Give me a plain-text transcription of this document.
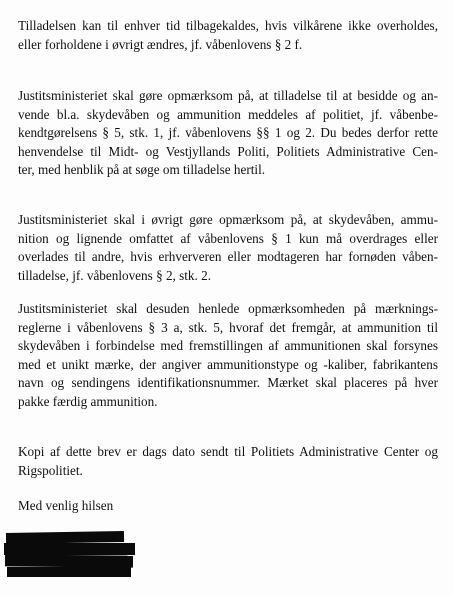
Tilladelsen kan til enhver tid tilbagekaldes, hvis vilkårene ikke overholdes,
eller forholdene i øvrigt ændres, jf. våbenlovens § 2 f.

Justitsministeriet skal gøre opmærksom på, at tilladelse til at besidde og an-
vende bl.a. skydevåben og ammunition meddeles af politiet, jf. våbenbe-
kendtgørelsens § 5, stk. 1, jf. våbenlovens §§ 1 og 2. Du bedes derfor rette
henvendelse til Midt- og Vestjyllands Politi, Politiets Administrative Cen-
ter, med henblik på at søge om tilladelse hertil.

Justitsministeriet skal i øvrigt gøre opmærksom på, at skydevåben, ammu-
nition og lignende omfattet af våbenlovens § 1 kun må overdrages eller
overlades til andre, hvis erhververen eller modtageren har fornøden våben-
tilladelse, jf. våbenlovens § 2, stk. 2.

Justitsministeriet skal desuden henlede opmærksomheden på mærknings-
reglerne i våbenlovens § 3 a, stk. 5, hvoraf det fremgår, at ammunition til
skydevåben i forbindelse med fremstillingen af ammunitionen skal forsynes
med et unikt mærke, der angiver ammunitionstype og -kaliber, fabrikantens
navn og sendingens identifikationsnummer. Mærket skal placeres på hver
pakke færdig ammunition.

Kopi af dette brev er dags dato sendt til Politiets Administrative Center og
Rigspolitiet.

Med venlig hilsen
